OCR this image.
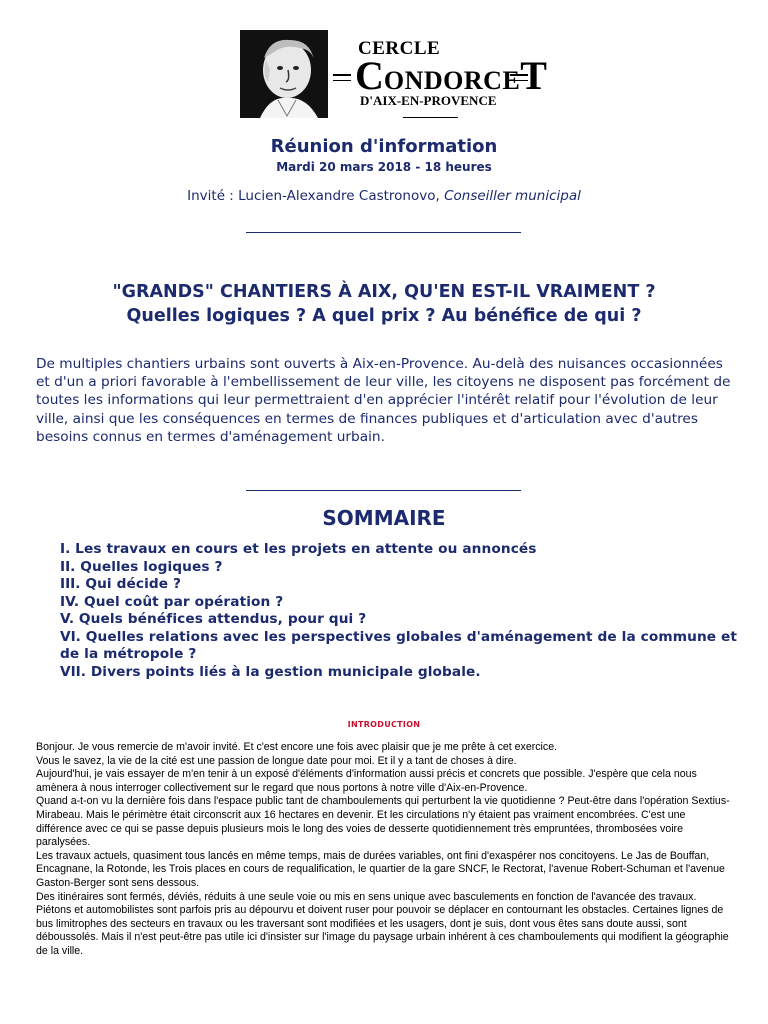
CERCLE
CONDORCET
D'AIX-EN-PROVENCE
Réunion d'information
Mardi 20 mars 2018 - 18 heures
Invité : Lucien-Alexandre Castronovo, Conseiller municipal
"GRANDS" CHANTIERS À AIX, QU'EN EST-IL VRAIMENT ?
Quelles logiques ? A quel prix ? Au bénéfice de qui ?
De multiples chantiers urbains sont ouverts à Aix-en-Provence. Au-delà des nuisances occasionnées et d'un a priori favorable à l'embellissement de leur ville, les citoyens ne disposent pas forcément de toutes les informations qui leur permettraient d'en apprécier l'intérêt relatif pour l'évolution de leur ville, ainsi que les conséquences en termes de finances publiques et d'articulation avec d'autres besoins connus en termes d'aménagement urbain.
SOMMAIRE
I. Les travaux en cours et les projets en attente ou annoncés
II. Quelles logiques ?
III. Qui décide ?
IV. Quel coût par opération ?
V. Quels bénéfices attendus, pour qui ?
VI. Quelles relations avec les perspectives globales d'aménagement de la commune et de la métropole ?
VII. Divers points liés à la gestion municipale globale.
INTRODUCTION

Bonjour. Je vous remercie de m'avoir invité. Et c'est encore une fois avec plaisir que je me prête à cet exercice.

Vous le savez, la vie de la cité est une passion de longue date pour moi. Et il y a tant de choses à dire.

Aujourd'hui, je vais essayer de m'en tenir à un exposé d'éléments d'information aussi précis et concrets que possible. J'espère que cela nous amènera à nous interroger collectivement sur le regard que nous portons à notre ville d'Aix-en-Provence.

Quand a-t-on vu la dernière fois dans l'espace public tant de chamboulements qui perturbent la vie quotidienne ? Peut-être dans l'opération Sextius-Mirabeau. Mais le périmètre était circonscrit aux 16 hectares en devenir. Et les circulations n'y étaient pas vraiment encombrées. C'est une différence avec ce qui se passe depuis plusieurs mois le long des voies de desserte quotidiennement très empruntées, thrombosées voire paralysées.

Les travaux actuels, quasiment tous lancés en même temps, mais de durées variables, ont fini d'exaspérer nos concitoyens. Le Jas de Bouffan, Encagnane, la Rotonde, les Trois places en cours de requalification, le quartier de la gare SNCF, le Rectorat, l'avenue Robert-Schuman et l'avenue Gaston-Berger sont sens dessous.

Des itinéraires sont fermés, déviés, réduits à une seule voie ou mis en sens unique avec basculements en fonction de l'avancée des travaux. Piétons et automobilistes sont parfois pris au dépourvu et doivent ruser pour pouvoir se déplacer en contournant les obstacles. Certaines lignes de bus limitrophes des secteurs en travaux ou les traversant sont modifiées et les usagers, dont je suis, dont vous êtes sans doute aussi, sont déboussolés. Mais il n'est peut-être pas utile ici d'insister sur l'image du paysage urbain inhérent à ces chamboulements qui modifient la géographie de la ville.
